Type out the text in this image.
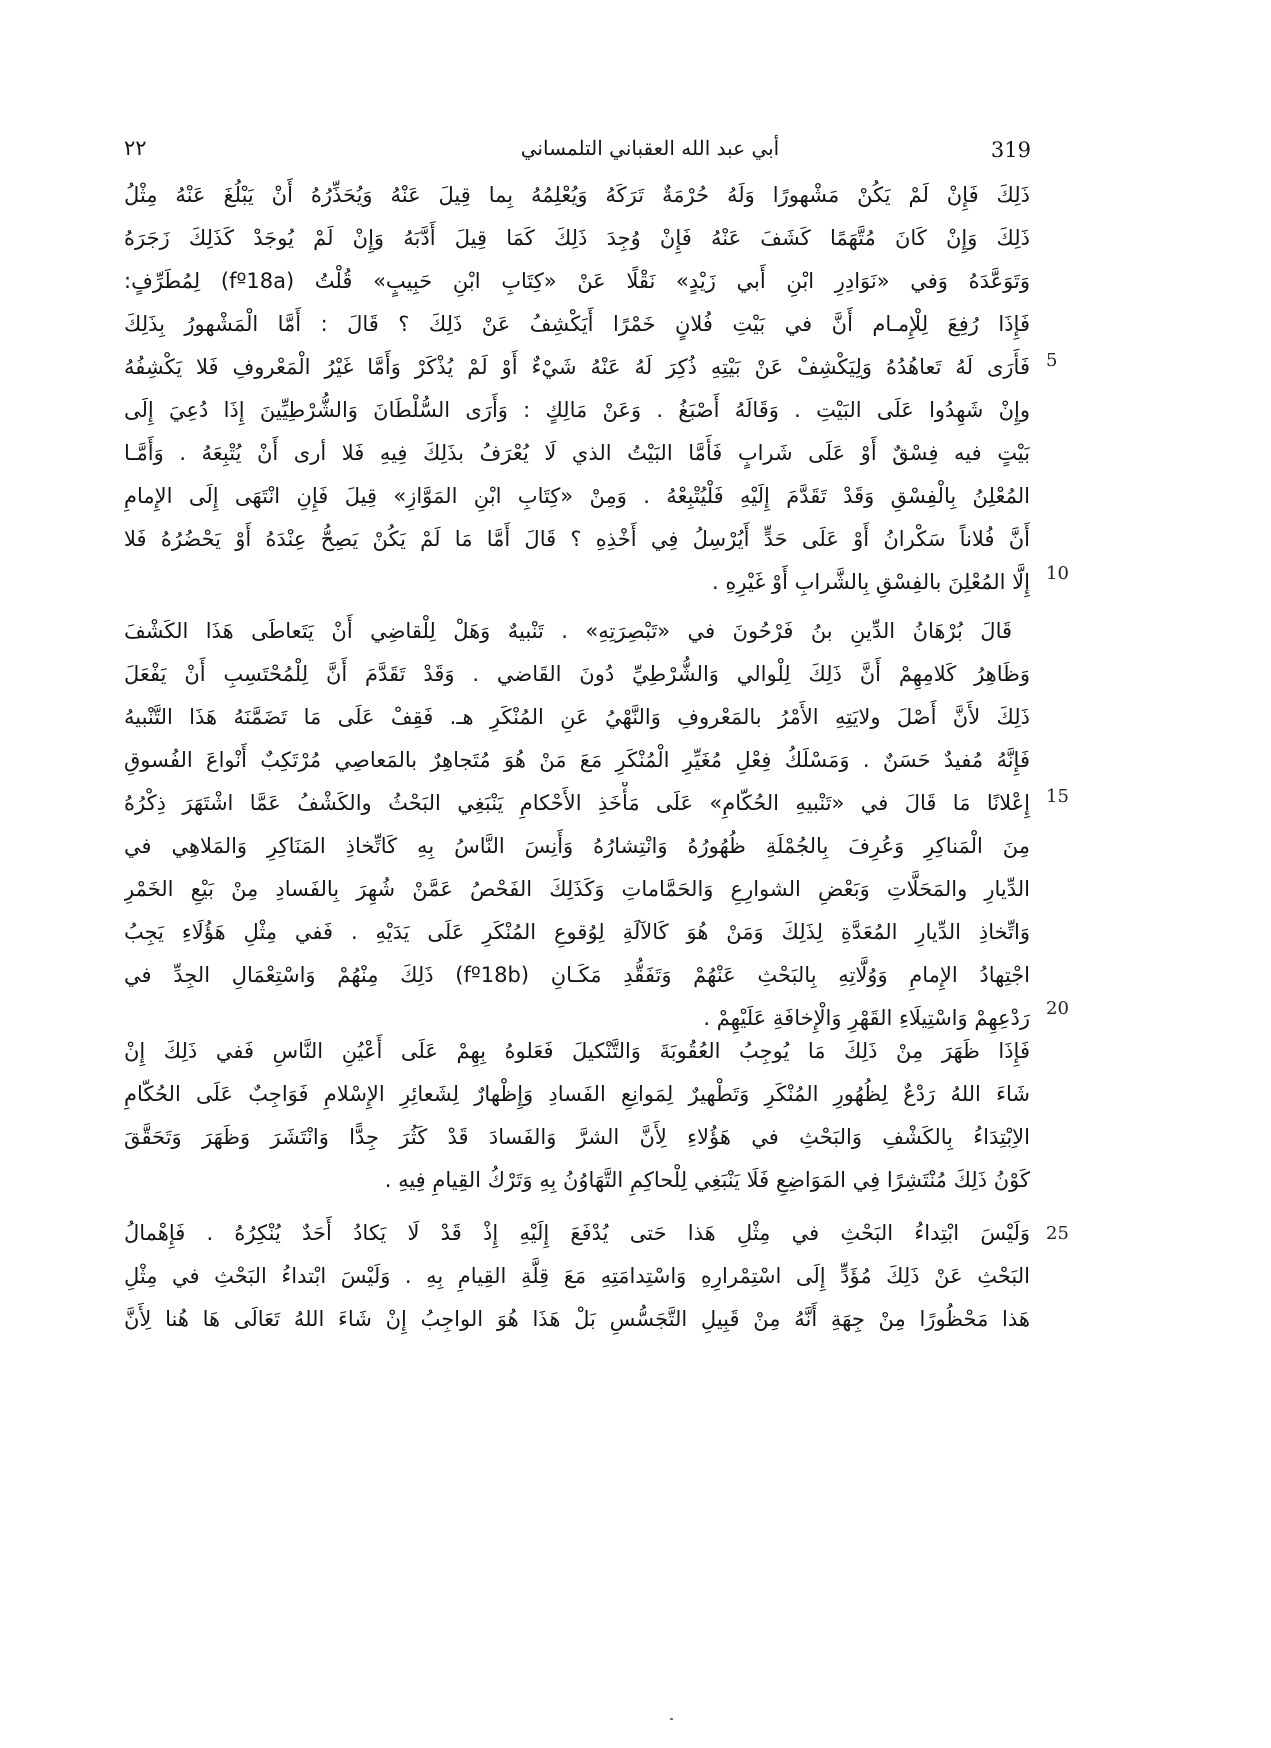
٢٢	أبي عبد الله العقباني التلمساني	319
ذَلِكَ فَإِنْ لَمْ يَكُنْ مَشْهورًا وَلَهُ حُرْمَةٌ تَرَكَهُ وَيُعْلِمُهُ بِما قِيلَ عَنْهُ وَيُحَذِّرُهُ أَنْ يَبْلُغَ عَنْهُ مِثْلُ
ذَلِكَ وَإِنْ كَانَ مُتَّهَمًا كَشَفَ عَنْهُ فَإِنْ وُجِدَ ذَلِكَ كَمَا قِيلَ أَدَّبَهُ وَإِنْ لَمْ يُوجَدْ كَذَلِكَ زَجَرَهُ
وَتَوَعَّدَهُ وَفي «نَوَادِرِ ابْنِ أَبي زَيْدٍ» نَقْلًا عَنْ «كِتَابِ ابْنِ حَبِيبٍ» قُلْتُ (fº18a) لِمُطَرِّفٍ:
فَإِذَا رُفِعَ لِلْإِمـام أَنَّ في بَيْتِ فُلانٍ خَمْرًا أَيَكْشِفُ عَنْ ذَلِكَ ؟ قَالَ : أَمَّا الْمَشْهورُ بِذَلِكَ
فَأَرَى لَهُ تَعاهُدُهُ وَلِيَكْشِفْ عَنْ بَيْتِهِ ذُكِرَ لَهُ عَنْهُ شَيْءٌ أَوْ لَمْ يُذْكَرْ وَأَمَّا غَيْرُ الْمَعْروفِ فَلا يَكْشِفُهُ
وإِنْ شَهِدُوا عَلَى البَيْتِ . وَقَالَهُ أَصْبَغُ . وَعَنْ مَالِكٍ : وَأَرَى السُّلْطَانَ وَالشُّرْطِيِّينَ إِذَا دُعِيَ إِلَى
بَيْتٍ فيه فِسْقٌ أَوْ عَلَى شَرابٍ فَأَمَّا البَيْتُ الذي لَا يُعْرَفُ بذَلِكَ فِيهِ فَلا أرى أَنْ يُتْبِعَهُ . وَأَمَّـا
المُعْلِنُ بِالْفِسْقِ وَقَدْ تَقَدَّمَ إِلَيْهِ فَلْيُتْبِعْهُ . وَمِنْ «كِتَابِ ابْنِ المَوَّازِ» قِيلَ فَإِنِ انْتَهَى إِلَى الإِمامِ
أَنَّ فُلاناً سَكْرانُ أَوْ عَلَى حَدٍّ أَيُرْسِلُ فِي أَخْذِهِ ؟ قَالَ أَمَّا مَا لَمْ يَكُنْ يَصِحُّ عِنْدَهُ أَوْ يَحْضُرُهُ فَلا
إِلَّا المُعْلِنَ بالفِسْقِ بِالشَّرابِ أَوْ غَيْرِهِ .
قَالَ بُرْهَانُ الدِّينِ بنُ فَرْحُونَ في «تَبْصِرَتِهِ» . تَنْبيهٌ وَهَلْ لِلْقاضِي أَنْ يَتَعاطَى هَذَا الكَشْفَ
وَظَاهِرُ كَلامِهِمْ أَنَّ ذَلِكَ لِلْوالي وَالشُّرْطِيِّ دُونَ القَاضي . وَقَدْ تَقَدَّمَ أَنَّ لِلْمُحْتَسِبِ أَنْ يَفْعَلَ
ذَلِكَ لأَنَّ أَصْلَ ولايَتِهِ الأَمْرُ بالمَعْروفِ وَالنَّهْيُ عَنِ المُنْكَرِ هـ. فَقِفْ عَلَى مَا تَضَمَّنَهُ هَذَا التَّنْبيهُ
فَإِنَّهُ مُفيدٌ حَسَنٌ . وَمَسْلَكُ فِعْلِ مُغَيِّرِ الْمُنْكَرِ مَعَ مَنْ هُوَ مُتَجاهِرٌ بالمَعاصِي مُرْتَكِبٌ أَنْواعَ الفُسوقِ
إِعْلانًا مَا قَالَ في «تَنْبيهِ الحُكّامِ» عَلَى مَأْخَذِ الأَحْكامِ يَنْبَغِي البَحْثُ والكَشْفُ عَمَّا اشْتَهَرَ ذِكْرُهُ
مِنَ الْمَناكِرِ وَعُرِفَ بِالجُمْلَةِ ظُهُورُهُ وَانْتِشارُهُ وَأَنِسَ النَّاسُ بِهِ كَاتِّخاذِ المَنَاكِرِ وَالمَلاهِي في
الدِّيارِ والمَحَلَّاتِ وَبَعْضِ الشوارِعِ وَالحَمَّاماتِ وَكَذَلِكَ الفَحْصُ عَمَّنْ شُهِرَ بِالفَسادِ مِنْ بَيْعِ الخَمْرِ
وَاتِّخاذِ الدِّيارِ المُعَدَّةِ لِذَلِكَ وَمَنْ هُوَ كَالآلَةِ لِوُقوعِ المُنْكَرِ عَلَى يَدَيْهِ . فَفي مِثْلِ هَؤُلَاءِ يَجِبُ
اجْتِهادُ الإِمامِ وَوُلَّاتِهِ بِالبَحْثِ عَنْهُمْ وَتَفَقُّدِ مَكَـانِ (fº18b) ذَلِكَ مِنْهُمْ وَاسْتِعْمَالِ الجِدِّ في
رَدْعِهِمْ وَاسْتِيلَاءِ القَهْرِ وَالْإِخافَةِ عَلَيْهِمْ .
فَإِذَا ظَهَرَ مِنْ ذَلِكَ مَا يُوجِبُ العُقُوبَةَ وَالتَّنْكيلَ فَعَلوهُ بِهِمْ عَلَى أَعْيُنِ النَّاسِ فَفي ذَلِكَ إِنْ
شَاءَ اللهُ رَدْعٌ لِظُهُورِ المُنْكَرِ وَتَطْهيرٌ لِمَوانِعِ الفَسادِ وَإِظْهارٌ لِشَعائِرِ الإِسْلامِ فَوَاجِبٌ عَلَى الحُكّامِ
الاِبْتِدَاءُ بِالكَشْفِ وَالبَحْثِ في هَؤُلاءِ لِأَنَّ الشرَّ وَالفَسادَ قَدْ كَثُرَ جِدًّا وَانْتَشَرَ وَظَهَرَ وَتَحَقَّقَ
كَوْنُ ذَلِكَ مُنْتَشِرًا فِي المَوَاضِعِ فَلَا يَنْبَغِي لِلْحاكِمِ التَّهَاوُنُ بِهِ وَتَرْكُ القِيامِ فِيهِ .
وَلَيْسَ ابْتِداءُ البَحْثِ في مِثْلِ هَذا حَتى يُدْفَعَ إِلَيْهِ إِذْ قَدْ لَا يَكادُ أَحَدٌ يُنْكِرُهُ . فَإِهْمالُ
البَحْثِ عَنْ ذَلِكَ مُؤَدٍّ إِلَى اسْتِمْرارِهِ وَاسْتِدامَتِهِ مَعَ قِلَّةِ القِيامِ بِهِ . وَلَيْسَ ابْتداءُ البَحْثِ في مِثْلِ
هَذا مَحْظُورًا مِنْ جِهَةِ أَنَّهُ مِنْ قَبِيلِ التَّجَسُّسِ بَلْ هَذَا هُوَ الواجِبُ إِنْ شَاءَ اللهُ تَعَالَى هَا هُنا لِأَنَّ
5
10
15
20
25
